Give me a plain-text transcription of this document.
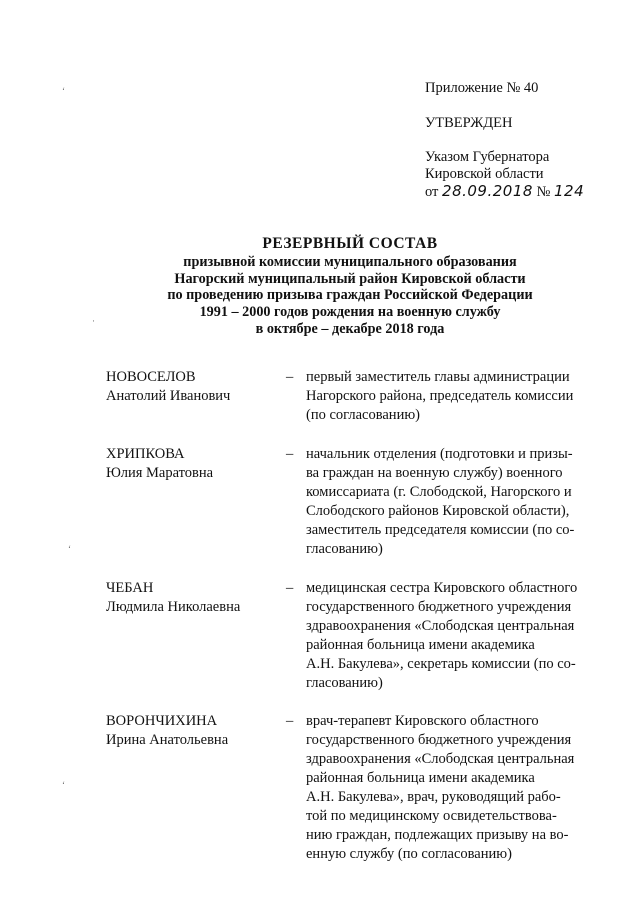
Приложение № 40
УТВЕРЖДЕН
Указом Губернатора
Кировской области
от 28.09.2018 № 124
РЕЗЕРВНЫЙ СОСТАВ
призывной комиссии муниципального образования
Нагорский муниципальный район Кировской области
по проведению призыва граждан Российской Федерации
1991 – 2000 годов рождения на военную службу
в октябре – декабре 2018 года
НОВОСЕЛОВ
Анатолий Иванович
– первый заместитель главы администрации
Нагорского района, председатель комиссии
(по согласованию)
ХРИПКОВА
Юлия Маратовна
– начальник отделения (подготовки и призы-
ва граждан на военную службу) военного
комиссариата (г. Слободской, Нагорского и
Слободского районов Кировской области),
заместитель председателя комиссии (по со-
гласованию)
ЧЕБАН
Людмила Николаевна
– медицинская сестра Кировского областного
государственного бюджетного учреждения
здравоохранения «Слободская центральная
районная больница имени академика
А.Н. Бакулева», секретарь комиссии (по со-
гласованию)
ВОРОНЧИХИНА
Ирина Анатольевна
– врач-терапевт Кировского областного
государственного бюджетного учреждения
здравоохранения «Слободская центральная
районная больница имени академика
А.Н. Бакулева», врач, руководящий рабо-
той по медицинскому освидетельствова-
нию граждан, подлежащих призыву на во-
енную службу (по согласованию)
‘
·
‘
‘
